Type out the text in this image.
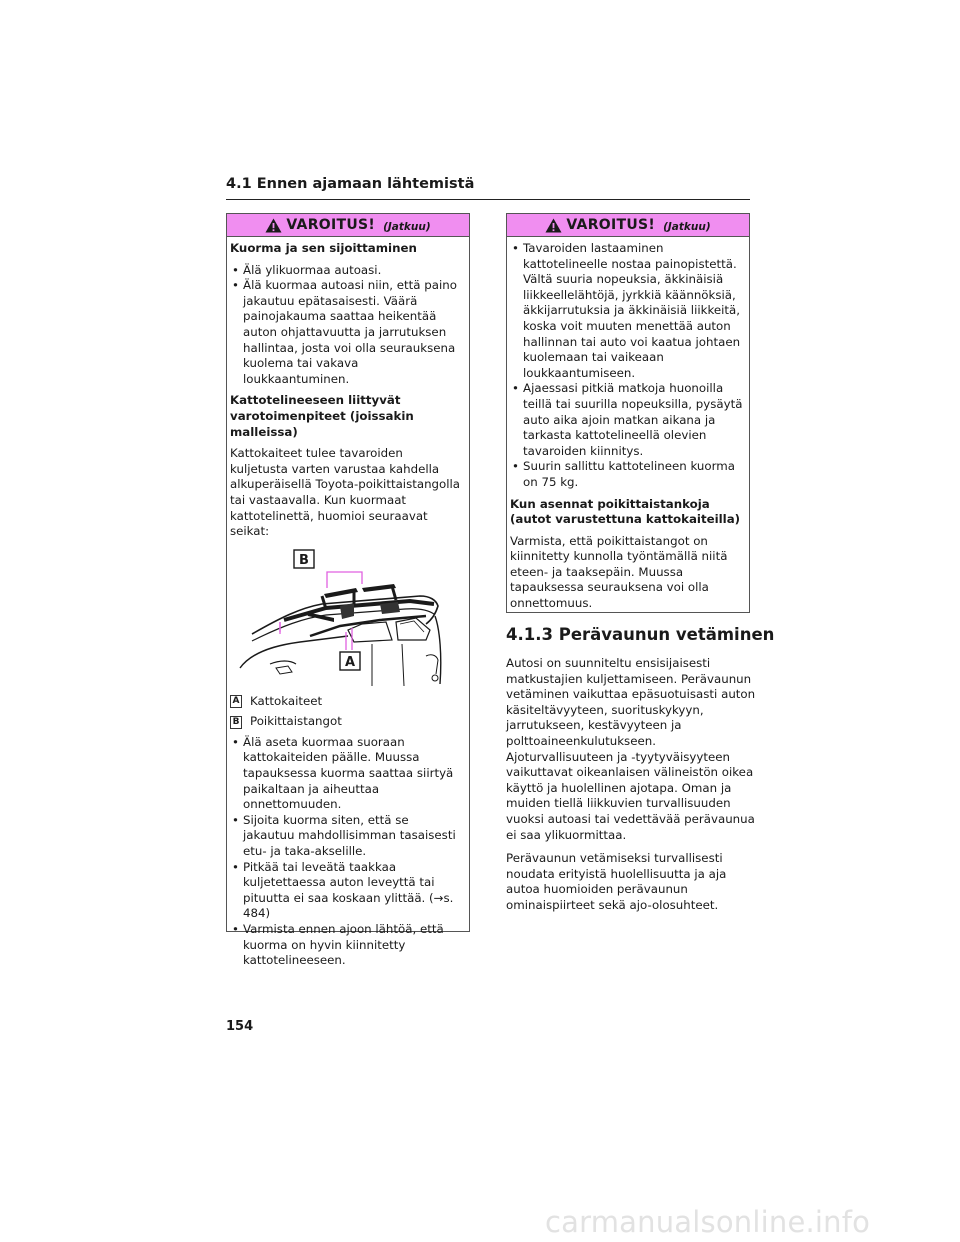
4.1 Ennen ajamaan lähtemistä
VAROITUS! (Jatkuu)

Kuorma ja sen sijoittaminen

• Älä ylikuormaa autoasi.
• Älä kuormaa autoasi niin, että paino jakautuu epätasaisesti. Väärä painojakauma saattaa heikentää auton ohjattavuutta ja jarrutuksen hallintaa, josta voi olla seurauksena kuolema tai vakava loukkaantuminen.

Kattotelineeseen liittyvät varotoimenpiteet (joissakin malleissa)

Kattokaiteet tulee tavaroiden kuljetusta varten varustaa kahdella alkuperäisellä Toyota-poikittaistangolla tai vastaavalla. Kun kuormaat kattotelinettä, huomioi seuraavat seikat:

B
A
A Kattokaiteet
B Poikittaistangot
• Älä aseta kuormaa suoraan kattokaiteiden päälle. Muussa tapauksessa kuorma saattaa siirtyä paikaltaan ja aiheuttaa onnettomuuden.
• Sijoita kuorma siten, että se jakautuu mahdollisimman tasaisesti etu- ja taka-akselille.
• Pitkää tai leveätä taakkaa kuljetettaessa auton leveyttä tai pituutta ei saa koskaan ylittää. (→s. 484)
• Varmista ennen ajoon lähtöä, että kuorma on hyvin kiinnitetty kattotelineeseen.
VAROITUS! (Jatkuu)
• Tavaroiden lastaaminen kattotelineelle nostaa painopistettä. Vältä suuria nopeuksia, äkkinäisiä liikkeellelähtöjä, jyrkkiä käännöksiä, äkkijarrutuksia ja äkkinäisiä liikkeitä, koska voit muuten menettää auton hallinnan tai auto voi kaatua johtaen kuolemaan tai vaikeaan loukkaantumiseen.
• Ajaessasi pitkiä matkoja huonoilla teillä tai suurilla nopeuksilla, pysäytä auto aika ajoin matkan aikana ja tarkasta kattotelineellä olevien tavaroiden kiinnitys.
• Suurin sallittu kattotelineen kuorma on 75 kg.

Kun asennat poikittaistankoja (autot varustettuna kattokaiteilla)

Varmista, että poikittaistangot on kiinnitetty kunnolla työntämällä niitä eteen- ja taaksepäin. Muussa tapauksessa seurauksena voi olla onnettomuus.

4.1.3 Perävaunun vetäminen

Autosi on suunniteltu ensisijaisesti matkustajien kuljettamiseen. Perävaunun vetäminen vaikuttaa epäsuotuisasti auton käsiteltävyyteen, suorituskykyyn, jarrutukseen, kestävyyteen ja polttoaineenkulutukseen. Ajoturvallisuuteen ja -tyytyväisyyteen vaikuttavat oikeanlaisen välineistön oikea käyttö ja huolellinen ajotapa. Oman ja muiden tiellä liikkuvien turvallisuuden vuoksi autoasi tai vedettävää perävaunua ei saa ylikuormittaa.

Perävaunun vetämiseksi turvallisesti noudata erityistä huolellisuutta ja aja autoa huomioiden perävaunun ominaispiirteet sekä ajo-olosuhteet.

154
carmanualsonline.info
